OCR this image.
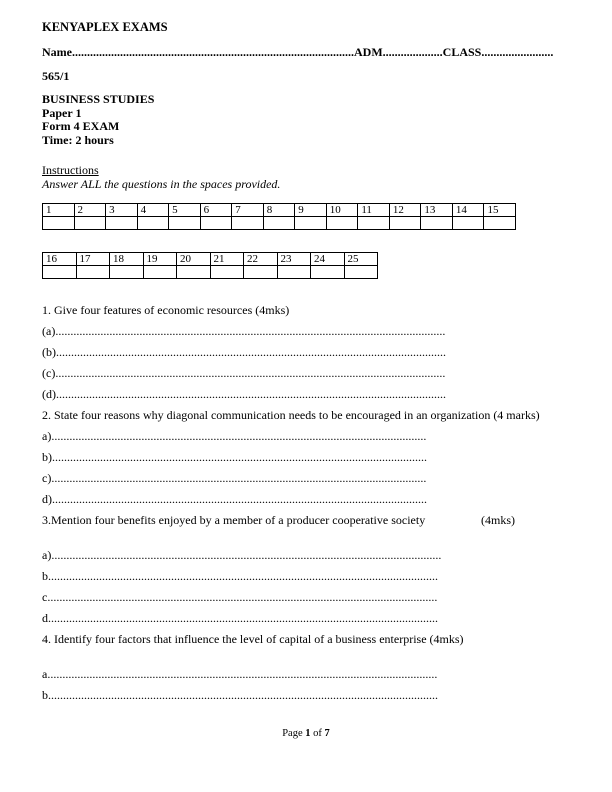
KENYAPLEX EXAMS

Name..............................................................................................ADM....................CLASS........................

565/1

BUSINESS STUDIES

Paper 1

Form 4 EXAM

Time: 2 hours

Instructions

Answer ALL the questions in the spaces provided.

1	2	3	4	5	6	7	8	9	10	11	12	13	14	15

16	17	18	19	20	21	22	23	24	25

1. Give four features of economic resources (4mks)

(a)..................................................................................................................................

(b)..................................................................................................................................

(c)..................................................................................................................................

(d)..................................................................................................................................

2. State four reasons why diagonal communication needs to be encouraged in an organization (4 marks)

a).............................................................................................................................

b).............................................................................................................................

c).............................................................................................................................

d).............................................................................................................................

3.Mention four benefits enjoyed by a member of a producer cooperative society	(4mks)

a)..................................................................................................................................

b..................................................................................................................................

c..................................................................................................................................

d..................................................................................................................................

4. Identify four factors that influence the level of capital of a business enterprise (4mks)

a..................................................................................................................................

b..................................................................................................................................

Page 1 of 7
